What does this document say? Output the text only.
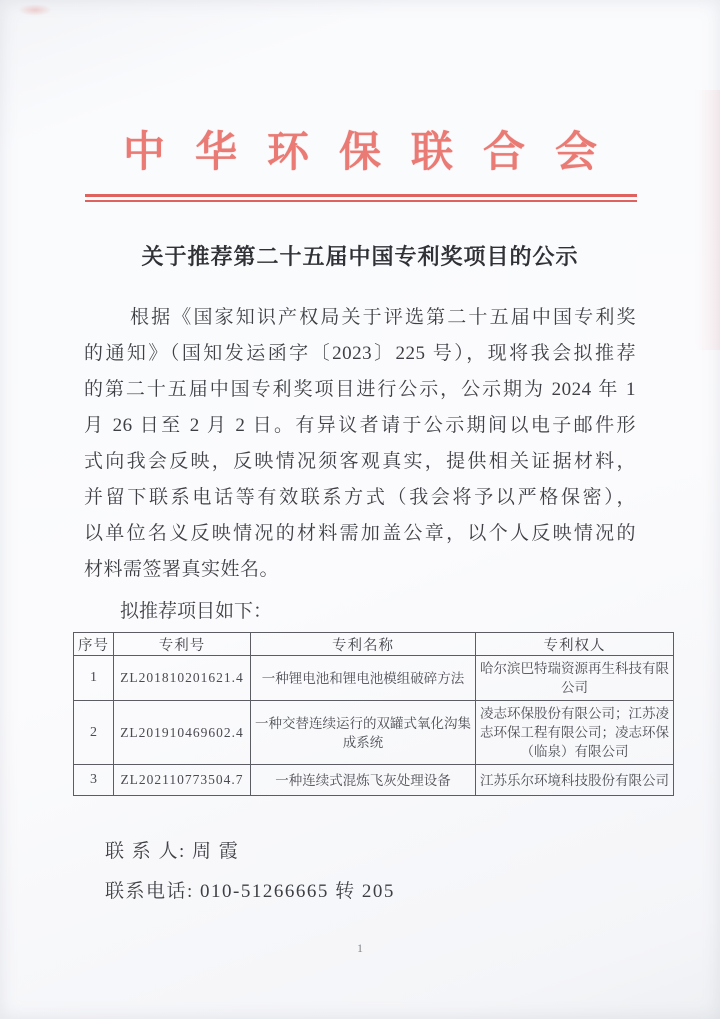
中华环保联合会
关于推荐第二十五届中国专利奖项目的公示
根据《国家知识产权局关于评选第二十五届中国专利奖
的通知》（国知发运函字〔2023〕225 号），现将我会拟推荐
的第二十五届中国专利奖项目进行公示，公示期为 2024 年 1
月 26 日至 2 月 2 日。有异议者请于公示期间以电子邮件形
式向我会反映，反映情况须客观真实，提供相关证据材料，
并留下联系电话等有效联系方式（我会将予以严格保密），
以单位名义反映情况的材料需加盖公章，以个人反映情况的
材料需签署真实姓名。
拟推荐项目如下：
序号	专利号	专利名称	专利权人
1	ZL201810201621.4	一种锂电池和锂电池模组破碎方法	哈尔滨巴特瑞资源再生科技有限公司
2	ZL201910469602.4	一种交替连续运行的双罐式氧化沟集成系统	凌志环保股份有限公司；江苏凌志环保工程有限公司；凌志环保（临泉）有限公司
3	ZL202110773504.7	一种连续式混炼飞灰处理设备	江苏乐尔环境科技股份有限公司
联 系 人: 周 霞
联系电话: 010-51266665 转 205
1
